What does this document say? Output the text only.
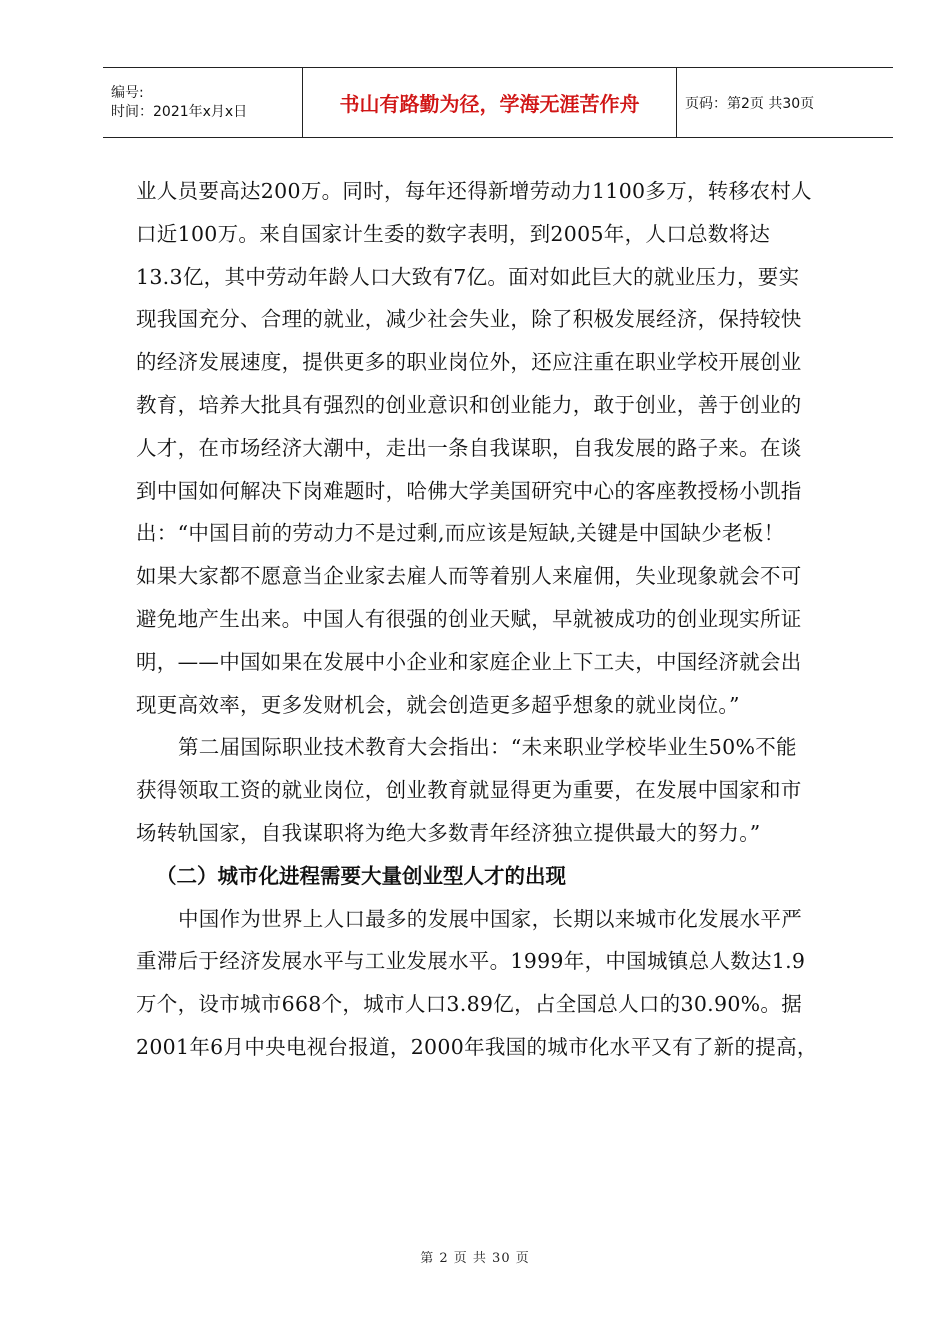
编号:
时间：2021年x月x日	书山有路勤为径，学海无涯苦作舟	页码：第2页 共30页

业人员要高达200万。同时，每年还得新增劳动力1100多万，转移农村人
口近100万。来自国家计生委的数字表明，到2005年，人口总数将达
13.3亿，其中劳动年龄人口大致有7亿。面对如此巨大的就业压力，要实
现我国充分、合理的就业，减少社会失业，除了积极发展经济，保持较快
的经济发展速度，提供更多的职业岗位外，还应注重在职业学校开展创业
教育，培养大批具有强烈的创业意识和创业能力，敢于创业，善于创业的
人才，在市场经济大潮中，走出一条自我谋职，自我发展的路子来。在谈
到中国如何解决下岗难题时，哈佛大学美国研究中心的客座教授杨小凯指
出：“中国目前的劳动力不是过剩,而应该是短缺,关键是中国缺少老板！
如果大家都不愿意当企业家去雇人而等着别人来雇佣，失业现象就会不可
避免地产生出来。中国人有很强的创业天赋，早就被成功的创业现实所证
明，——中国如果在发展中小企业和家庭企业上下工夫，中国经济就会出
现更高效率，更多发财机会，就会创造更多超乎想象的就业岗位。”

第二届国际职业技术教育大会指出：“未来职业学校毕业生50%不能
获得领取工资的就业岗位，创业教育就显得更为重要，在发展中国家和市
场转轨国家，自我谋职将为绝大多数青年经济独立提供最大的努力。”

（二）城市化进程需要大量创业型人才的出现

中国作为世界上人口最多的发展中国家，长期以来城市化发展水平严
重滞后于经济发展水平与工业发展水平。1999年，中国城镇总人数达1.9
万个，设市城市668个，城市人口3.89亿，占全国总人口的30.90%。据
2001年6月中央电视台报道，2000年我国的城市化水平又有了新的提高，

第 2 页 共 30 页
